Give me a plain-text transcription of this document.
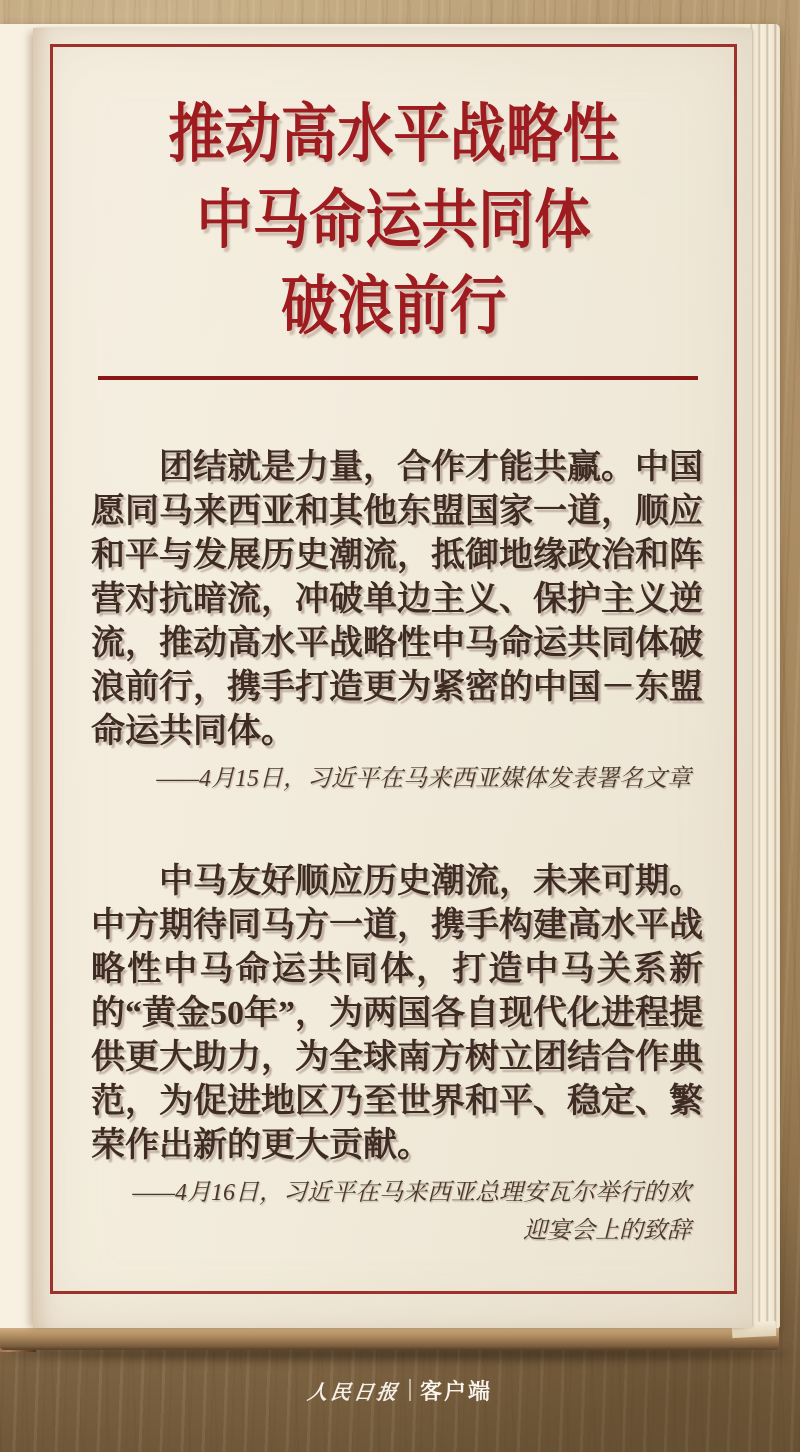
推动高水平战略性
中马命运共同体
破浪前行

团结就是力量，合作才能共赢。中国愿同马来西亚和其他东盟国家一道，顺应和平与发展历史潮流，抵御地缘政治和阵营对抗暗流，冲破单边主义、保护主义逆流，推动高水平战略性中马命运共同体破浪前行，携手打造更为紧密的中国－东盟命运共同体。

——4月15日，习近平在马来西亚媒体发表署名文章

中马友好顺应历史潮流，未来可期。中方期待同马方一道，携手构建高水平战略性中马命运共同体，打造中马关系新的“黄金50年”，为两国各自现代化进程提供更大助力，为全球南方树立团结合作典范，为促进地区乃至世界和平、稳定、繁荣作出新的更大贡献。

——4月16日，习近平在马来西亚总理安瓦尔举行的欢迎宴会上的致辞

人民日报 客户端
